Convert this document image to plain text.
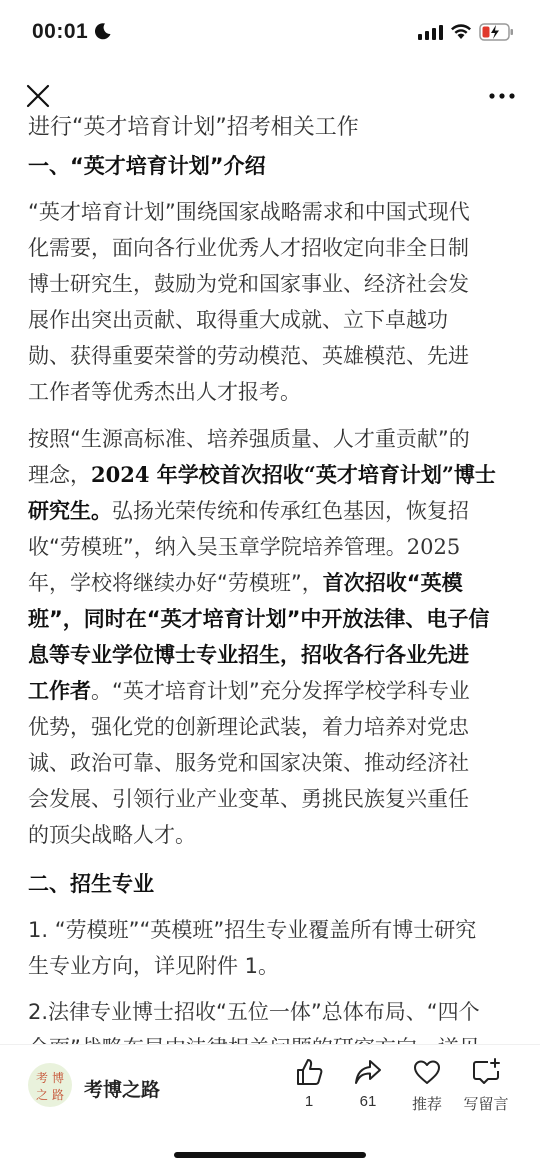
00:01
进行“英才培育计划”招考相关工作
一、“英才培育计划”介绍
“英才培育计划”围绕国家战略需求和中国式现代
化需要，面向各行业优秀人才招收定向非全日制
博士研究生，鼓励为党和国家事业、经济社会发
展作出突出贡献、取得重大成就、立下卓越功
勋、获得重要荣誉的劳动模范、英雄模范、先进
工作者等优秀杰出人才报考。
按照“生源高标准、培养强质量、人才重贡献”的
理念，2024 年学校首次招收“英才培育计划”博士
研究生。弘扬光荣传统和传承红色基因，恢复招
收“劳模班”，纳入吴玉章学院培养管理。2025
年，学校将继续办好“劳模班”，首次招收“英模
班”，同时在“英才培育计划”中开放法律、电子信
息等专业学位博士专业招生，招收各行各业先进
工作者。“英才培育计划”充分发挥学校学科专业
优势，强化党的创新理论武装，着力培养对党忠
诚、政治可靠、服务党和国家决策、推动经济社
会发展、引领行业产业变革、勇挑民族复兴重任
的顶尖战略人才。
二、招生专业
1. “劳模班”“英模班”招生专业覆盖所有博士研究
生专业方向，详见附件 1。
2.法律专业博士招收“五位一体”总体布局、“四个
考 博
之 路 考博之路
1	61	推荐	写留言
